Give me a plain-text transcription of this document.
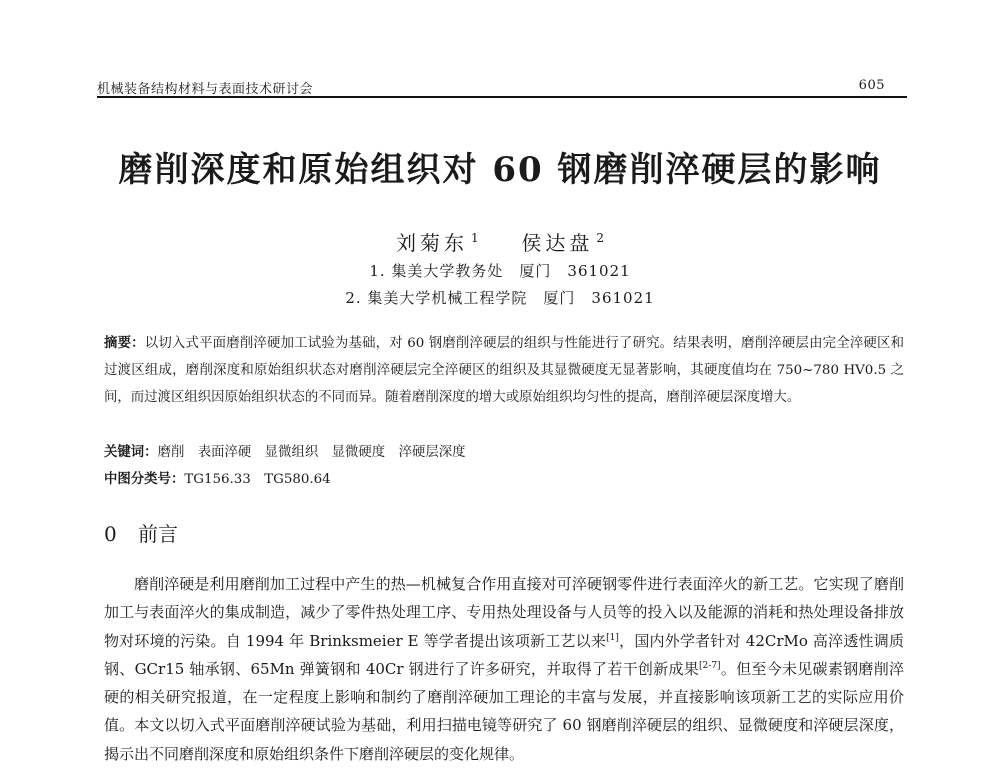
机械装备结构材料与表面技术研讨会	605
磨削深度和原始组织对 60 钢磨削淬硬层的影响
刘菊东 $^1$ 侯达盘 $^2$
1. 集美大学教务处　厦门　361021
2. 集美大学机械工程学院　厦门　361021
摘要：以切入式平面磨削淬硬加工试验为基础，对 60 钢磨削淬硬层的组织与性能进行了研究。结果表明，磨削淬硬层由完全淬硬区和过渡区组成，磨削深度和原始组织状态对磨削淬硬层完全淬硬区的组织及其显微硬度无显著影响，其硬度值均在 750~780 HV0.5 之间，而过渡区组织因原始组织状态的不同而异。随着磨削深度的增大或原始组织均匀性的提高，磨削淬硬层深度增大。
关键词：磨削　表面淬硬　显微组织　显微硬度　淬硬层深度
中图分类号：TG156.33　TG580.64
0 前言
磨削淬硬是利用磨削加工过程中产生的热—机械复合作用直接对可淬硬钢零件进行表面淬火的新工艺。它实现了磨削加工与表面淬火的集成制造，减少了零件热处理工序、专用热处理设备与人员等的投入以及能源的消耗和热处理设备排放物对环境的污染。自 1994 年 Brinksmeier E 等学者提出该项新工艺以来[1]，国内外学者针对 42CrMo 高淬透性调质钢、GCr15 轴承钢、65Mn 弹簧钢和 40Cr 钢进行了许多研究，并取得了若干创新成果[2-7]。但至今未见碳素钢磨削淬硬的相关研究报道，在一定程度上影响和制约了磨削淬硬加工理论的丰富与发展，并直接影响该项新工艺的实际应用价值。本文以切入式平面磨削淬硬试验为基础，利用扫描电镜等研究了 60 钢磨削淬硬层的组织、显微硬度和淬硬层深度，揭示出不同磨削深度和原始组织条件下磨削淬硬层的变化规律。
